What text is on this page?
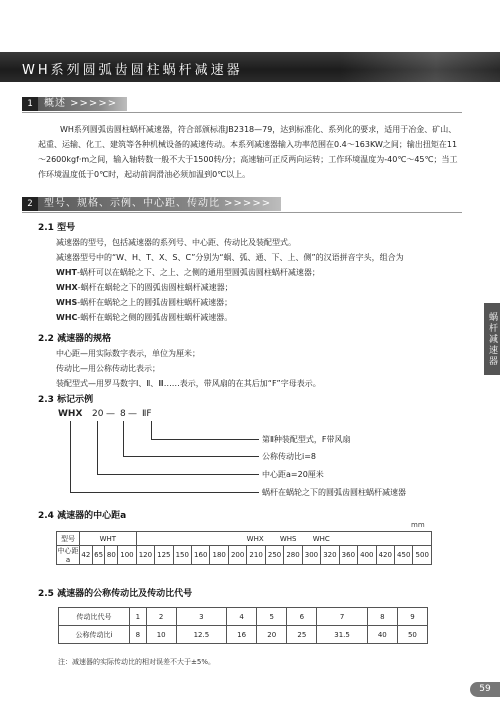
WH系列圆弧齿圆柱蜗杆减速器
1	概述 >>>>>
WH系列圆弧齿圆柱蜗杆减速器，符合部颁标准JB2318—79，达到标准化、系列化的要求，适用于冶金、矿山、起重、运输、化工、建筑等各种机械设备的减速传动。本系列减速器输入功率范围在0.4～163KW之间；输出扭矩在11～2600kgf·m之间，输入轴转数一般不大于1500转/分；高速轴可正反两向运转；工作环境温度为-40℃～45℃；当工作环境温度低于0℃时，起动前润滑油必须加温到0℃以上。
2	型号、规格、示例、中心距、传动比 >>>>>
2.1 型号
减速器的型号，包括减速器的系列号、中心距、传动比及装配型式。
减速器型号中的“W、H、T、X、S、C”分别为“蜗、弧、通、下、上、侧”的汉语拼音字头，组合为
WHT-蜗杆可以在蜗轮之下、之上、之侧的通用型圆弧齿圆柱蜗杆减速器；
WHX-蜗杆在蜗轮之下的圆弧齿圆柱蜗杆减速器；
WHS-蜗杆在蜗轮之上的圆弧齿圆柱蜗杆减速器；
WHC-蜗杆在蜗轮之侧的圆弧齿圆柱蜗杆减速器。
2.2 减速器的规格
中心距—用实际数字表示，单位为厘米；
传动比—用公称传动比表示；
装配型式—用罗马数字Ⅰ、Ⅱ、Ⅲ……表示，带风扇的在其后加“F”字母表示。
2.3 标记示例
WHX 20 — 8 — ⅡF
第Ⅱ种装配型式，F带风扇
公称传动比i=8
中心距a=20厘米
蜗杆在蜗轮之下的圆弧齿圆柱蜗杆减速器
2.4 减速器的中心距a
mm
型号	WHT				WHX WHS WHC															
中心距a	42	65	80	100	120	125	150	160	180	200	210	250	280	300	320	360	400	420	450	500
2.5 减速器的公称传动比及传动比代号
传动比代号	1	2	3	4	5	6	7	8	9
公称传动比i	8	10	12.5	16	20	25	31.5	40	50
注：减速器的实际传动比的相对误差不大于±5%。
蜗杆减速器
59
